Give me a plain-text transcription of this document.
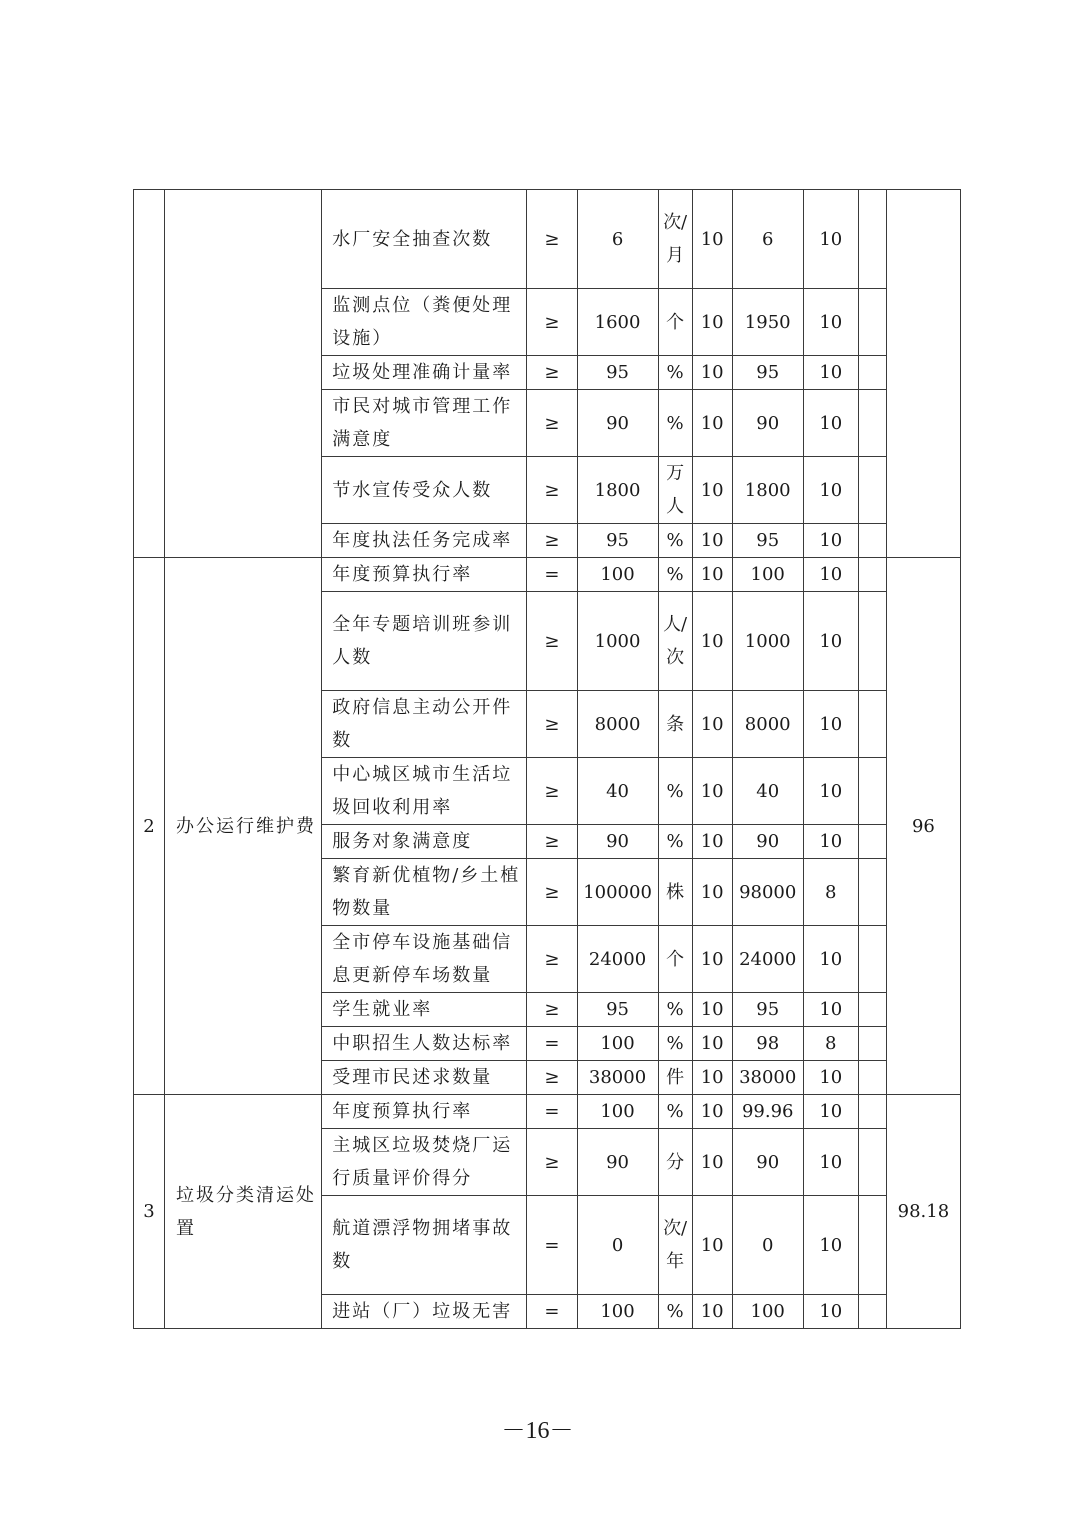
		水厂安全抽查次数	≥	6	次/月	10	6	10		
		监测点位（粪便处理设施）	≥	1600	个	10	1950	10		
		垃圾处理准确计量率	≥	95	%	10	95	10		
		市民对城市管理工作满意度	≥	90	%	10	90	10		
		节水宣传受众人数	≥	1800	万人	10	1800	10		
		年度执法任务完成率	≥	95	%	10	95	10		
2	办公运行维护费	年度预算执行率	=	100	%	10	100	10		96
		全年专题培训班参训人数	≥	1000	人/次	10	1000	10		
		政府信息主动公开件数	≥	8000	条	10	8000	10		
		中心城区城市生活垃圾回收利用率	≥	40	%	10	40	10		
		服务对象满意度	≥	90	%	10	90	10		
		繁育新优植物/乡土植物数量	≥	100000	株	10	98000	8		
		全市停车设施基础信息更新停车场数量	≥	24000	个	10	24000	10		
		学生就业率	≥	95	%	10	95	10		
		中职招生人数达标率	=	100	%	10	98	8		
		受理市民述求数量	≥	38000	件	10	38000	10		
3	垃圾分类清运处置	年度预算执行率	=	100	%	10	99.96	10		98.18
		主城区垃圾焚烧厂运行质量评价得分	≥	90	分	10	90	10		
		航道漂浮物拥堵事故数	=	0	次/年	10	0	10		
		进站（厂）垃圾无害	=	100	%	10	100	10		
－16－
